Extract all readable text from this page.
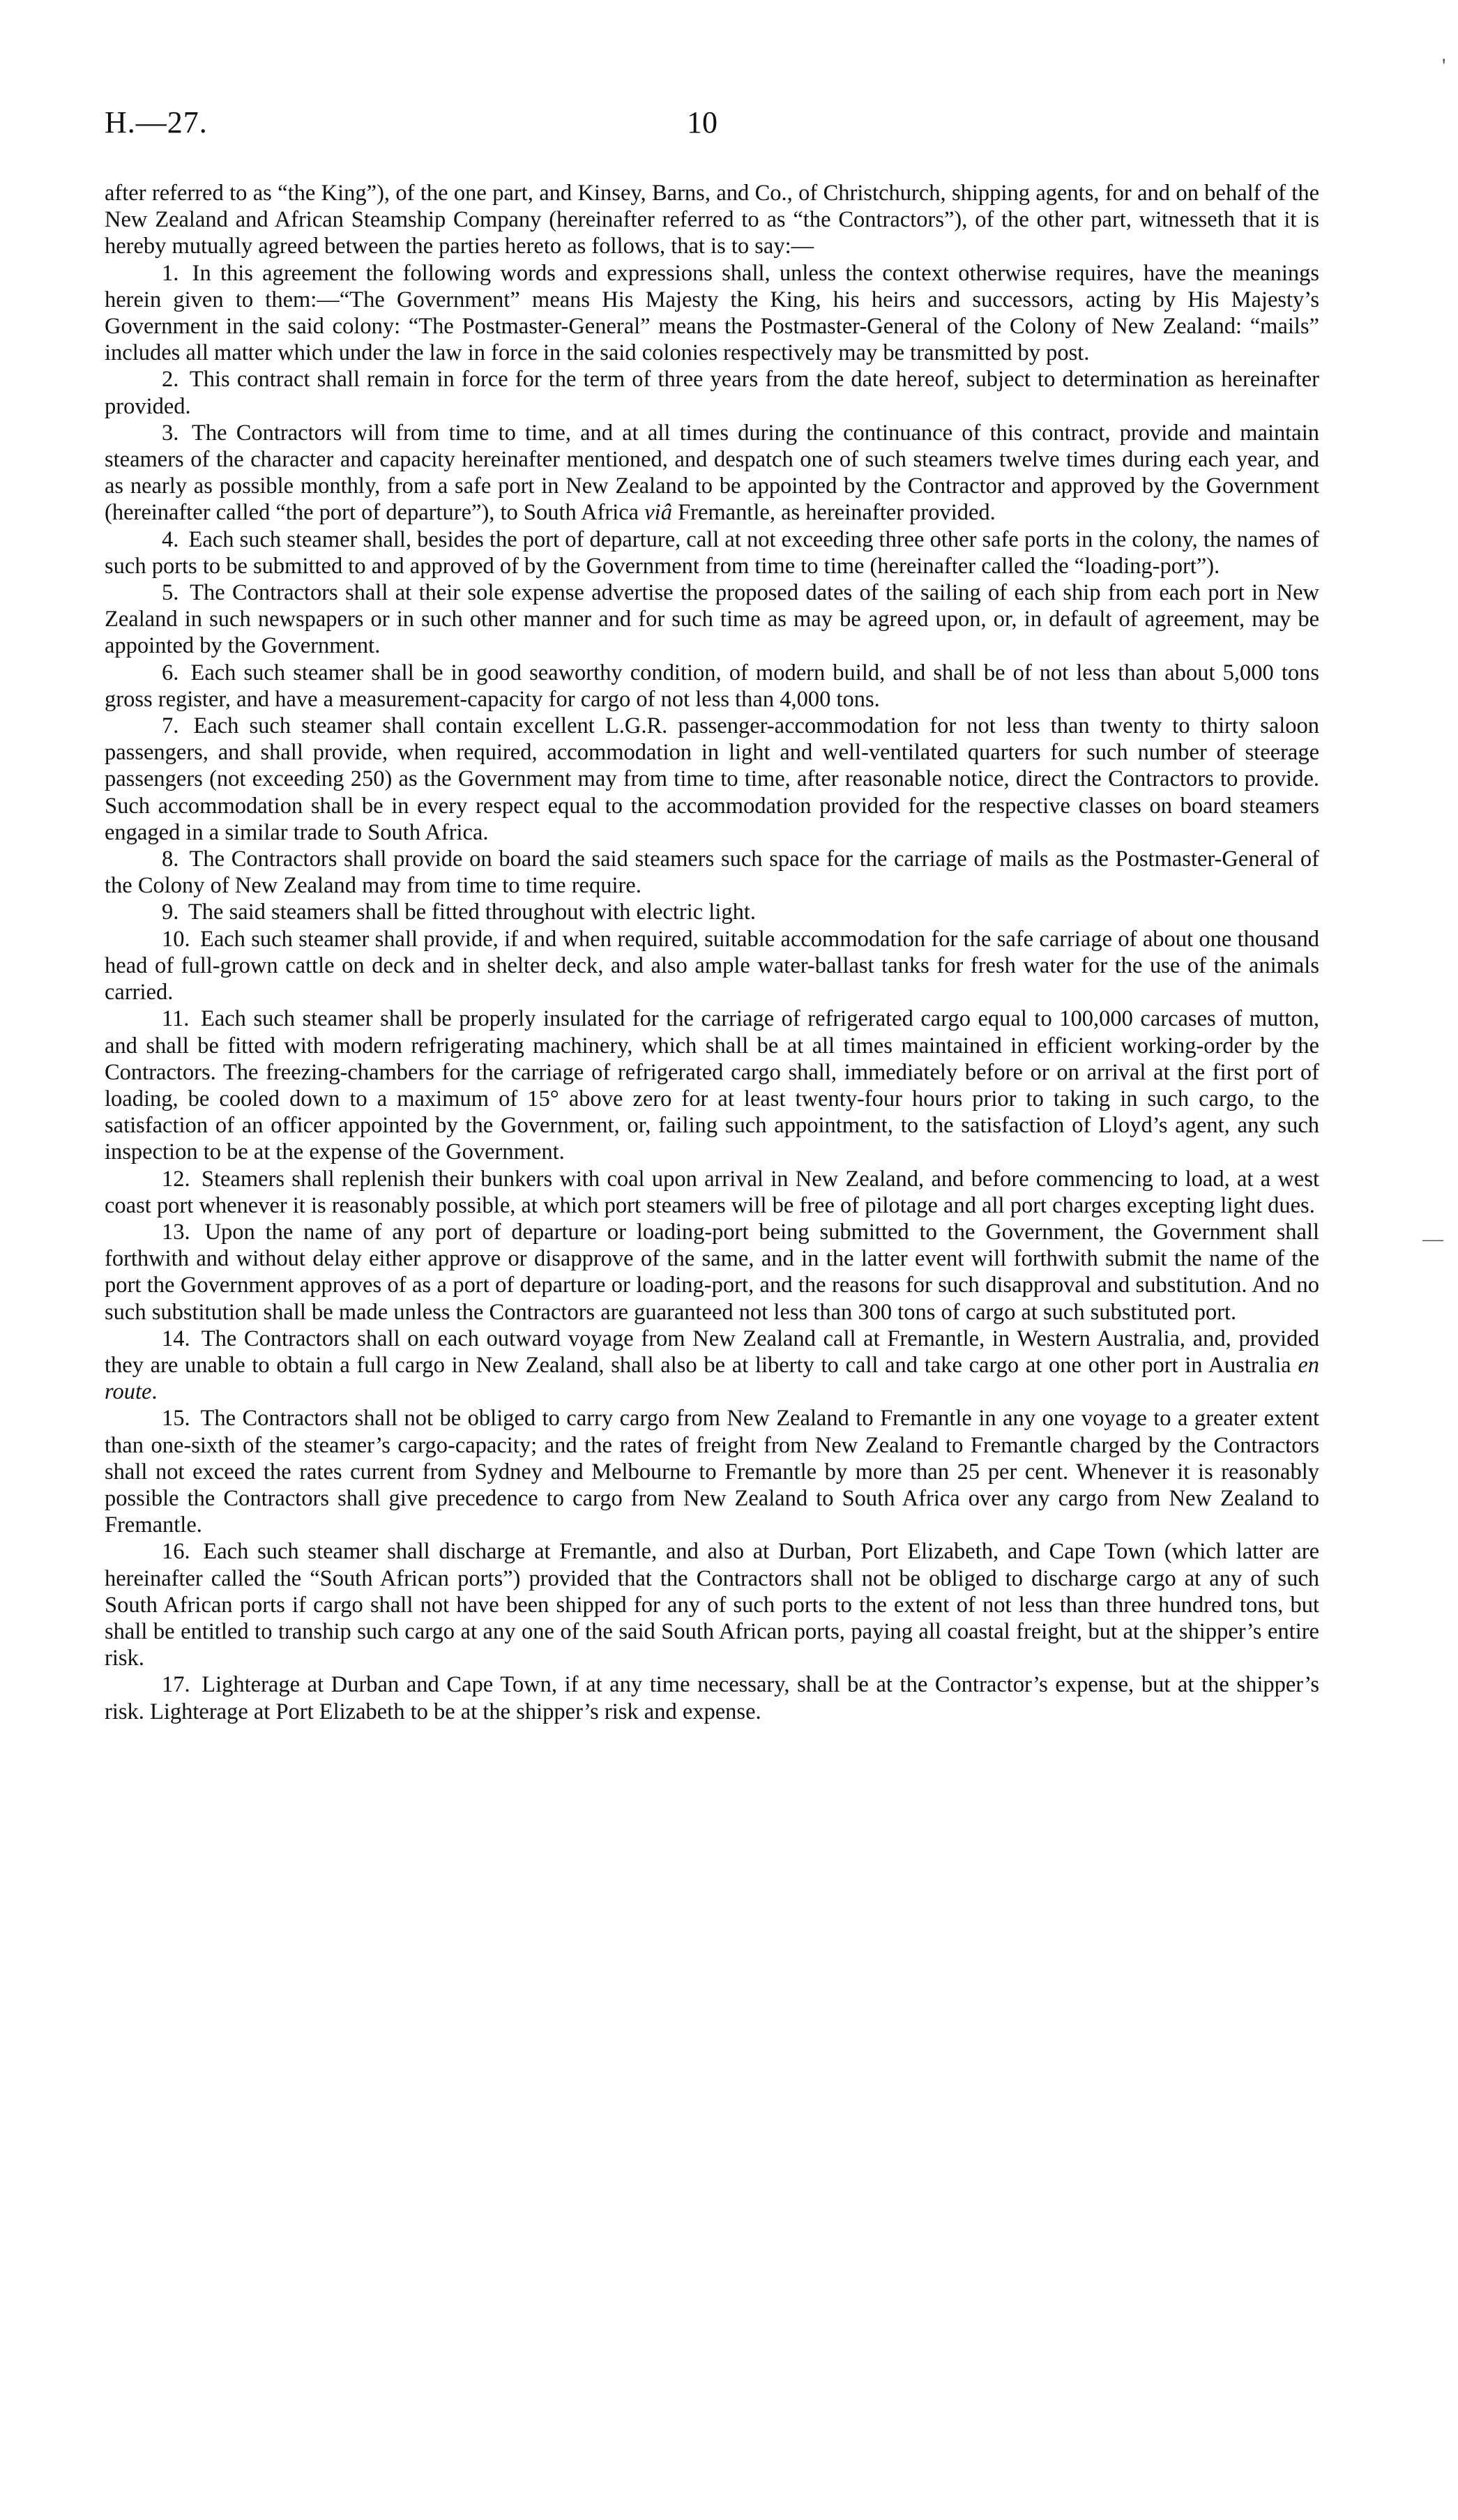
H.—27.	10
'
—

after referred to as “the King”), of the one part, and Kinsey, Barns, and Co., of Christchurch, shipping agents, for and on behalf of the New Zealand and African Steamship Company (hereinafter referred to as “the Contractors”), of the other part, witnesseth that it is hereby mutually agreed between the parties hereto as follows, that is to say:—

1. In this agreement the following words and expressions shall, unless the context otherwise requires, have the meanings herein given to them:—“The Government” means His Majesty the King, his heirs and successors, acting by His Majesty’s Government in the said colony: “The Postmaster-General” means the Postmaster-General of the Colony of New Zealand: “mails” includes all matter which under the law in force in the said colonies respectively may be transmitted by post.

2. This contract shall remain in force for the term of three years from the date hereof, subject to determination as hereinafter provided.

3. The Contractors will from time to time, and at all times during the continuance of this contract, provide and maintain steamers of the character and capacity hereinafter mentioned, and despatch one of such steamers twelve times during each year, and as nearly as possible monthly, from a safe port in New Zealand to be appointed by the Contractor and approved by the Government (hereinafter called “the port of departure”), to South Africa viâ Fremantle, as hereinafter provided.

4. Each such steamer shall, besides the port of departure, call at not exceeding three other safe ports in the colony, the names of such ports to be submitted to and approved of by the Government from time to time (hereinafter called the “loading-port”).

5. The Contractors shall at their sole expense advertise the proposed dates of the sailing of each ship from each port in New Zealand in such newspapers or in such other manner and for such time as may be agreed upon, or, in default of agreement, may be appointed by the Government.

6. Each such steamer shall be in good seaworthy condition, of modern build, and shall be of not less than about 5,000 tons gross register, and have a measurement-capacity for cargo of not less than 4,000 tons.

7. Each such steamer shall contain excellent L.G.R. passenger-accommodation for not less than twenty to thirty saloon passengers, and shall provide, when required, accommodation in light and well-ventilated quarters for such number of steerage passengers (not exceeding 250) as the Government may from time to time, after reasonable notice, direct the Contractors to provide. Such accommodation shall be in every respect equal to the accommodation provided for the respective classes on board steamers engaged in a similar trade to South Africa.

8. The Contractors shall provide on board the said steamers such space for the carriage of mails as the Postmaster-General of the Colony of New Zealand may from time to time require.

9. The said steamers shall be fitted throughout with electric light.

10. Each such steamer shall provide, if and when required, suitable accommodation for the safe carriage of about one thousand head of full-grown cattle on deck and in shelter deck, and also ample water-ballast tanks for fresh water for the use of the animals carried.

11. Each such steamer shall be properly insulated for the carriage of refrigerated cargo equal to 100,000 carcases of mutton, and shall be fitted with modern refrigerating machinery, which shall be at all times maintained in efficient working-order by the Contractors. The freezing-chambers for the carriage of refrigerated cargo shall, immediately before or on arrival at the first port of loading, be cooled down to a maximum of 15° above zero for at least twenty-four hours prior to taking in such cargo, to the satisfaction of an officer appointed by the Government, or, failing such appointment, to the satisfaction of Lloyd’s agent, any such inspection to be at the expense of the Government.

12. Steamers shall replenish their bunkers with coal upon arrival in New Zealand, and before commencing to load, at a west coast port whenever it is reasonably possible, at which port steamers will be free of pilotage and all port charges excepting light dues.

13. Upon the name of any port of departure or loading-port being submitted to the Government, the Government shall forthwith and without delay either approve or disapprove of the same, and in the latter event will forthwith submit the name of the port the Government approves of as a port of departure or loading-port, and the reasons for such disapproval and substitution. And no such substitution shall be made unless the Contractors are guaranteed not less than 300 tons of cargo at such substituted port.

14. The Contractors shall on each outward voyage from New Zealand call at Fremantle, in Western Australia, and, provided they are unable to obtain a full cargo in New Zealand, shall also be at liberty to call and take cargo at one other port in Australia en route.

15. The Contractors shall not be obliged to carry cargo from New Zealand to Fremantle in any one voyage to a greater extent than one-sixth of the steamer’s cargo-capacity; and the rates of freight from New Zealand to Fremantle charged by the Contractors shall not exceed the rates current from Sydney and Melbourne to Fremantle by more than 25 per cent. Whenever it is reasonably possible the Contractors shall give precedence to cargo from New Zealand to South Africa over any cargo from New Zealand to Fremantle.

16. Each such steamer shall discharge at Fremantle, and also at Durban, Port Elizabeth, and Cape Town (which latter are hereinafter called the “South African ports”) provided that the Contractors shall not be obliged to discharge cargo at any of such South African ports if cargo shall not have been shipped for any of such ports to the extent of not less than three hundred tons, but shall be entitled to tranship such cargo at any one of the said South African ports, paying all coastal freight, but at the shipper’s entire risk.

17. Lighterage at Durban and Cape Town, if at any time necessary, shall be at the Contractor’s expense, but at the shipper’s risk. Lighterage at Port Elizabeth to be at the shipper’s risk and expense.
